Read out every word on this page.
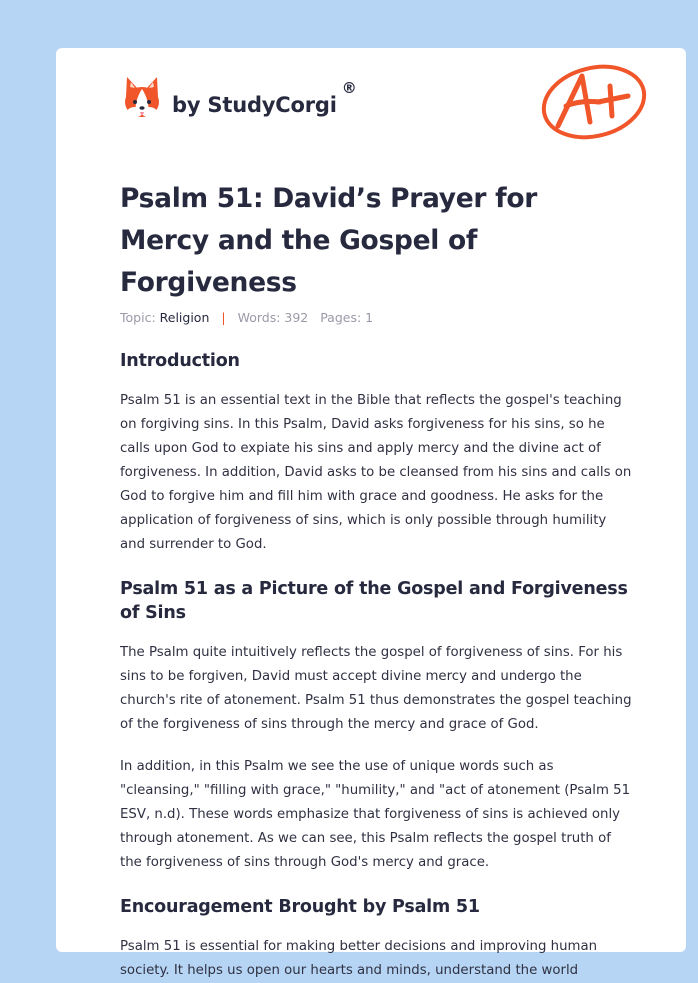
by StudyCorgi
®
Psalm 51: David’s Prayer for Mercy and the Gospel of Forgiveness
Topic: Religion | Words: 392 Pages: 1
Introduction

Psalm 51 is an essential text in the Bible that reflects the gospel's teaching on forgiving sins. In this Psalm, David asks forgiveness for his sins, so he calls upon God to expiate his sins and apply mercy and the divine act of forgiveness. In addition, David asks to be cleansed from his sins and calls on God to forgive him and fill him with grace and goodness. He asks for the application of forgiveness of sins, which is only possible through humility and surrender to God.

Psalm 51 as a Picture of the Gospel and Forgiveness of Sins

The Psalm quite intuitively reflects the gospel of forgiveness of sins. For his sins to be forgiven, David must accept divine mercy and undergo the church's rite of atonement. Psalm 51 thus demonstrates the gospel teaching of the forgiveness of sins through the mercy and grace of God.

In addition, in this Psalm we see the use of unique words such as "cleansing," "filling with grace," "humility," and "act of atonement (Psalm 51 ESV, n.d). These words emphasize that forgiveness of sins is achieved only through atonement. As we can see, this Psalm reflects the gospel truth of the forgiveness of sins through God's mercy and grace.

Encouragement Brought by Psalm 51

Psalm 51 is essential for making better decisions and improving human society. It helps us open our hearts and minds, understand the world
